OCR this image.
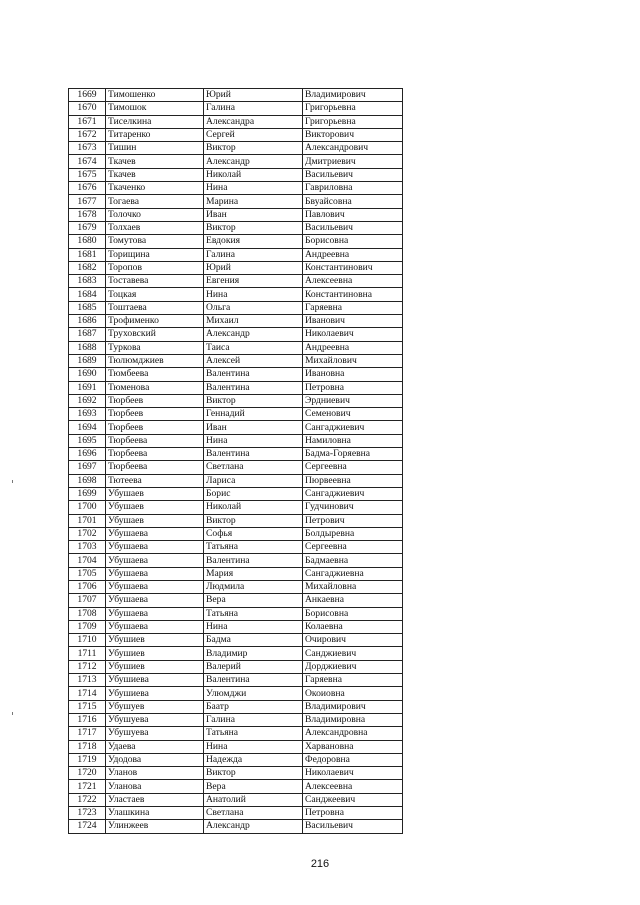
1669	Тимошенко	Юрий	Владимирович
1670	Тимошок	Галина	Григорьевна
1671	Тиселкина	Александра	Григорьевна
1672	Титаренко	Сергей	Викторович
1673	Тишин	Виктор	Александрович
1674	Ткачев	Александр	Дмитриевич
1675	Ткачев	Николай	Васильевич
1676	Ткаченко	Нина	Гавриловна
1677	Тогаева	Марина	Бвуайсовна
1678	Толочко	Иван	Павлович
1679	Толхаев	Виктор	Васильевич
1680	Томутова	Евдокия	Борисовна
1681	Торищина	Галина	Андреевна
1682	Торопов	Юрий	Константинович
1683	Тоставева	Евгения	Алексеевна
1684	Тоцкая	Нина	Константиновна
1685	Тоштаева	Ольга	Гаряевна
1686	Трофименко	Михаил	Иванович
1687	Труховский	Александр	Николаевич
1688	Туркова	Таиса	Андреевна
1689	Тюлюмджиев	Алексей	Михайлович
1690	Тюмбеева	Валентина	Ивановна
1691	Тюменова	Валентина	Петровна
1692	Тюрбеев	Виктор	Эрдниевич
1693	Тюрбеев	Геннадий	Семенович
1694	Тюрбеев	Иван	Сангаджиевич
1695	Тюрбеева	Нина	Намиловна
1696	Тюрбеева	Валентина	Бадма-Горяевна
1697	Тюрбеева	Светлана	Сергеевна
1698	Тютеева	Лариса	Пюрвеевна
1699	Убушаев	Борис	Сангаджиевич
1700	Убушаев	Николай	Гудчинович
1701	Убушаев	Виктор	Петрович
1702	Убушаева	Софья	Болдыревна
1703	Убушаева	Татьяна	Сергеевна
1704	Убушаева	Валентина	Бадмаевна
1705	Убушаева	Мария	Сангаджиевна
1706	Убушаева	Людмила	Михайловна
1707	Убушаева	Вера	Анкаевна
1708	Убушаева	Татьяна	Борисовна
1709	Убушаева	Нина	Колаевна
1710	Убушиев	Бадма	Очирович
1711	Убушиев	Владимир	Санджиевич
1712	Убушиев	Валерий	Дорджиевич
1713	Убушиева	Валентина	Гаряевна
1714	Убушиева	Улюмджи	Окоиовна
1715	Убушуев	Баатр	Владимирович
1716	Убушуева	Галина	Владимировна
1717	Убушуева	Татьяна	Александровна
1718	Удаева	Нина	Харвановна
1719	Удодова	Надежда	Федоровна
1720	Уланов	Виктор	Николаевич
1721	Уланова	Вера	Алексеевна
1722	Уластаев	Анатолий	Санджеевич
1723	Улашкина	Светлана	Петровна
1724	Улинжеев	Александр	Васильевич
216
